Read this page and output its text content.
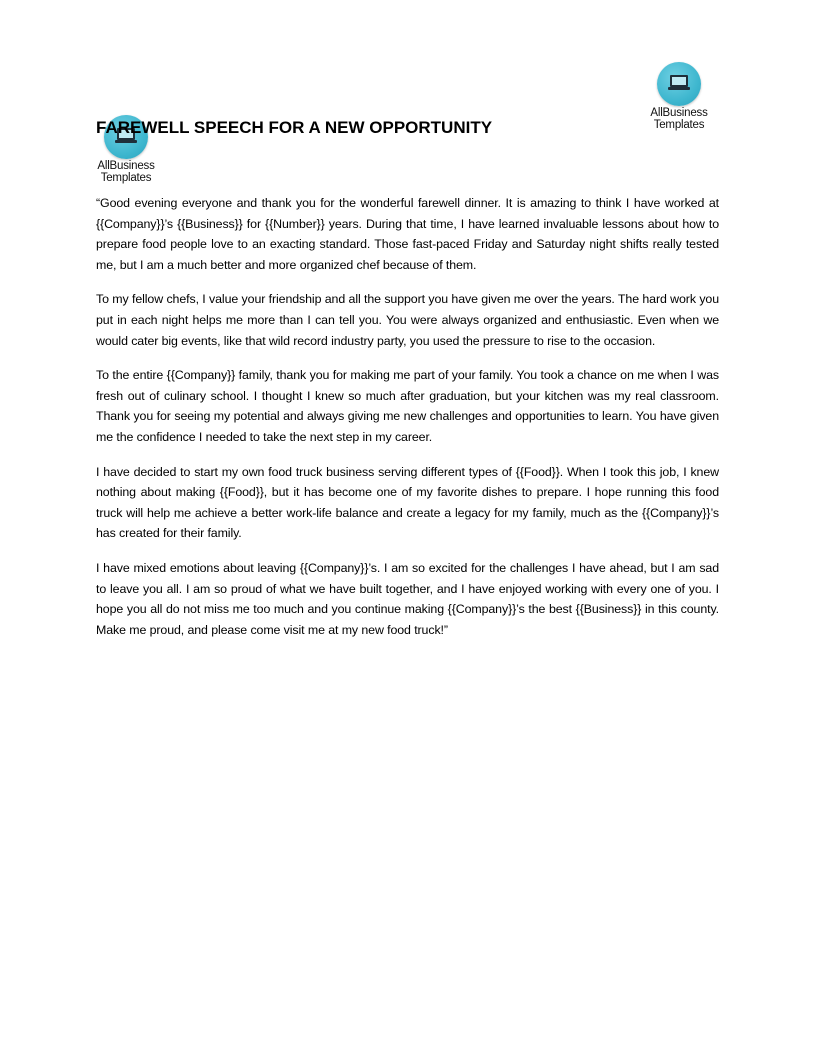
AllBusiness
Templates
AllBusiness
Templates
FAREWELL SPEECH FOR A NEW OPPORTUNITY

“Good evening everyone and thank you for the wonderful farewell dinner. It is amazing to think I have worked at {{Company}}’s {{Business}} for {{Number}} years. During that time, I have learned invaluable lessons about how to prepare food people love to an exacting standard. Those fast-paced Friday and Saturday night shifts really tested me, but I am a much better and more organized chef because of them.

To my fellow chefs, I value your friendship and all the support you have given me over the years. The hard work you put in each night helps me more than I can tell you. You were always organized and enthusiastic. Even when we would cater big events, like that wild record industry party, you used the pressure to rise to the occasion.

To the entire {{Company}} family, thank you for making me part of your family. You took a chance on me when I was fresh out of culinary school. I thought I knew so much after graduation, but your kitchen was my real classroom. Thank you for seeing my potential and always giving me new challenges and opportunities to learn. You have given me the confidence I needed to take the next step in my career.

I have decided to start my own food truck business serving different types of {{Food}}. When I took this job, I knew nothing about making {{Food}}, but it has become one of my favorite dishes to prepare. I hope running this food truck will help me achieve a better work-life balance and create a legacy for my family, much as the {{Company}}’s has created for their family.

I have mixed emotions about leaving {{Company}}’s. I am so excited for the challenges I have ahead, but I am sad to leave you all. I am so proud of what we have built together, and I have enjoyed working with every one of you. I hope you all do not miss me too much and you continue making {{Company}}’s the best {{Business}} in this county. Make me proud, and please come visit me at my new food truck!”
